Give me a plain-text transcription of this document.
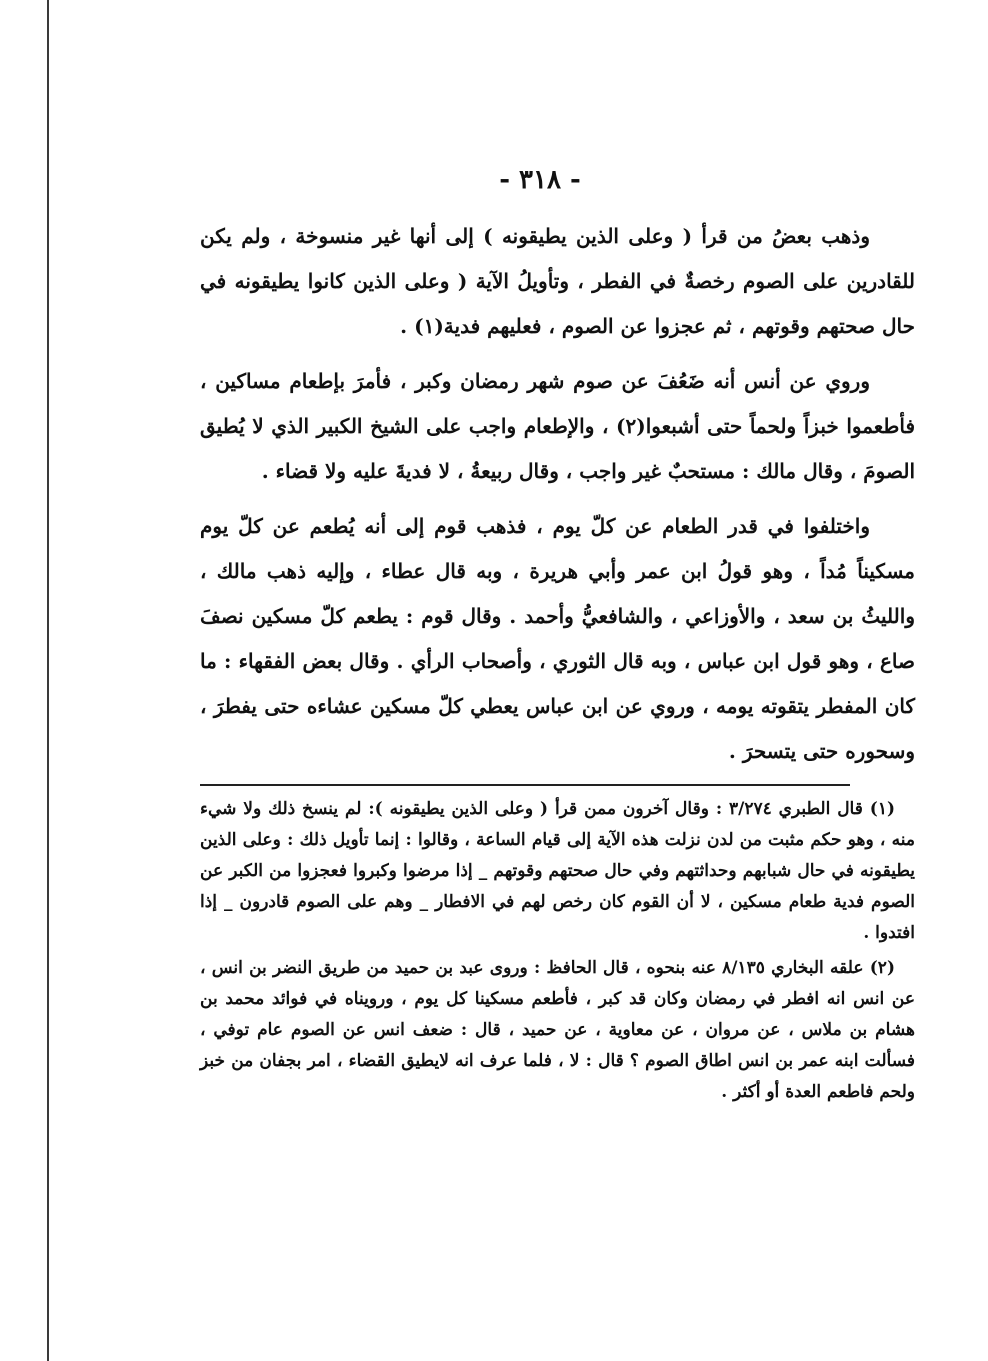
- ٣١٨ -

وذهب بعضُ من قرأ ( وعلى الذين يطيقونه ) إلى أنها غير منسوخة ، ولم يكن للقادرين على الصوم رخصةٌ في الفطر ، وتأويلُ الآية ( وعلى الذين كانوا يطيقونه في حال صحتهم وقوتهم ، ثم عجزوا عن الصوم ، فعليهم فدية(١) .

وروي عن أنس أنه ضَعُفَ عن صوم شهر رمضان وكبر ، فأمرَ بإطعام مساكين ، فأطعموا خبزاً ولحماً حتى أشبعوا(٢) ، والإطعام واجب على الشيخ الكبير الذي لا يُطيق الصومَ ، وقال مالك : مستحبٌ غير واجب ، وقال ربيعةُ ، لا فديةَ عليه ولا قضاء .

واختلفوا في قدر الطعام عن كلّ يوم ، فذهب قوم إلى أنه يُطعم عن كلّ يوم مسكيناً مُداً ، وهو قولُ ابن عمر وأبي هريرة ، وبه قال عطاء ، وإليه ذهب مالك ، والليثُ بن سعد ، والأوزاعي ، والشافعيُّ وأحمد . وقال قوم : يطعم كلّ مسكين نصفَ صاع ، وهو قول ابن عباس ، وبه قال الثوري ، وأصحاب الرأي . وقال بعض الفقهاء : ما كان المفطر يتقوته يومه ، وروي عن ابن عباس يعطي كلّ مسكين عشاءه حتى يفطرَ ، وسحوره حتى يتسحرَ .

(١) قال الطبري ٣/٢٧٤ : وقال آخرون ممن قرأ ( وعلى الذين يطيقونه ): لم ينسخ ذلك ولا شيء منه ، وهو حكم مثبت من لدن نزلت هذه الآية إلى قيام الساعة ، وقالوا : إنما تأويل ذلك : وعلى الذين يطيقونه في حال شبابهم وحداثتهم وفي حال صحتهم وقوتهم _ إذا مرضوا وكبروا فعجزوا من الكبر عن الصوم فدية طعام مسكين ، لا أن القوم كان رخص لهم في الافطار _ وهم على الصوم قادرون _ إذا افتدوا .

(٢) علقه البخاري ٨/١٣٥ عنه بنحوه ، قال الحافظ : وروى عبد بن حميد من طريق النضر بن انس ، عن انس انه افطر في رمضان وكان قد كبر ، فأطعم مسكينا كل يوم ، ورويناه في فوائد محمد بن هشام بن ملاس ، عن مروان ، عن معاوية ، عن حميد ، قال : ضعف انس عن الصوم عام توفي ، فسألت ابنه عمر بن انس اطاق الصوم ؟ قال : لا ، فلما عرف انه لايطيق القضاء ، امر بجفان من خبز ولحم فاطعم العدة أو أكثر .
